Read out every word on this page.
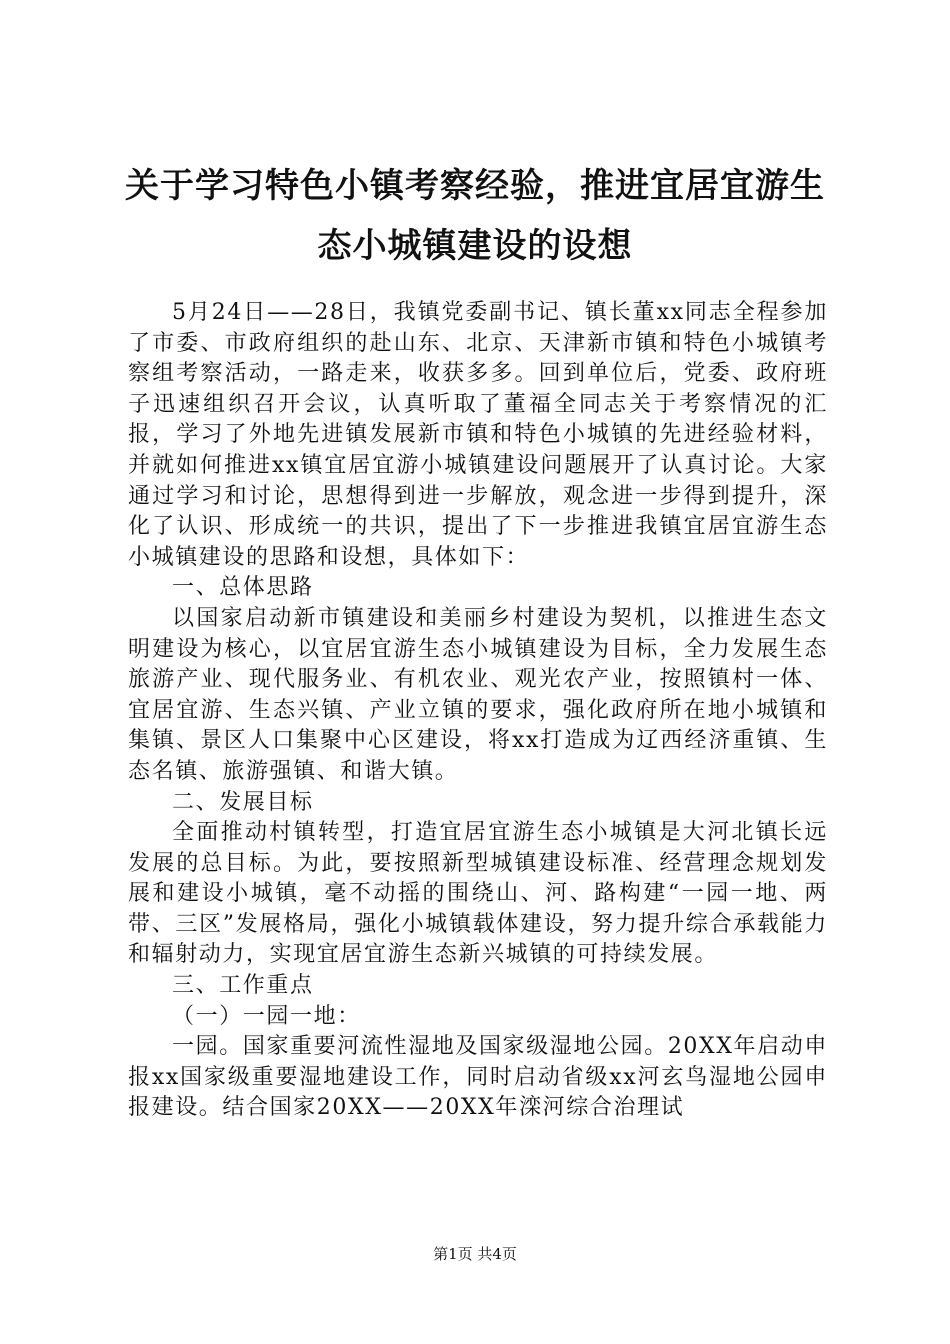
关于学习特色小镇考察经验，推进宜居宜游生
态小城镇建设的设想

5月24日——28日，我镇党委副书记、镇长董xx同志全程参加了市委、市政府组织的赴山东、北京、天津新市镇和特色小城镇考察组考察活动，一路走来，收获多多。回到单位后，党委、政府班子迅速组织召开会议，认真听取了董福全同志关于考察情况的汇报，学习了外地先进镇发展新市镇和特色小城镇的先进经验材料，并就如何推进xx镇宜居宜游小城镇建设问题展开了认真讨论。大家通过学习和讨论，思想得到进一步解放，观念进一步得到提升，深化了认识、形成统一的共识，提出了下一步推进我镇宜居宜游生态小城镇建设的思路和设想，具体如下：

一、总体思路

以国家启动新市镇建设和美丽乡村建设为契机，以推进生态文明建设为核心，以宜居宜游生态小城镇建设为目标，全力发展生态旅游产业、现代服务业、有机农业、观光农产业，按照镇村一体、宜居宜游、生态兴镇、产业立镇的要求，强化政府所在地小城镇和集镇、景区人口集聚中心区建设，将xx打造成为辽西经济重镇、生态名镇、旅游强镇、和谐大镇。

二、发展目标

全面推动村镇转型，打造宜居宜游生态小城镇是大河北镇长远发展的总目标。为此，要按照新型城镇建设标准、经营理念规划发展和建设小城镇，毫不动摇的围绕山、河、路构建“一园一地、两带、三区”发展格局，强化小城镇载体建设，努力提升综合承载能力和辐射动力，实现宜居宜游生态新兴城镇的可持续发展。

三、工作重点

（一）一园一地：

一园。国家重要河流性湿地及国家级湿地公园。20XX年启动申报xx国家级重要湿地建设工作，同时启动省级xx河玄鸟湿地公园申报建设。结合国家20XX——20XX年滦河综合治理试

第1页 共4页
